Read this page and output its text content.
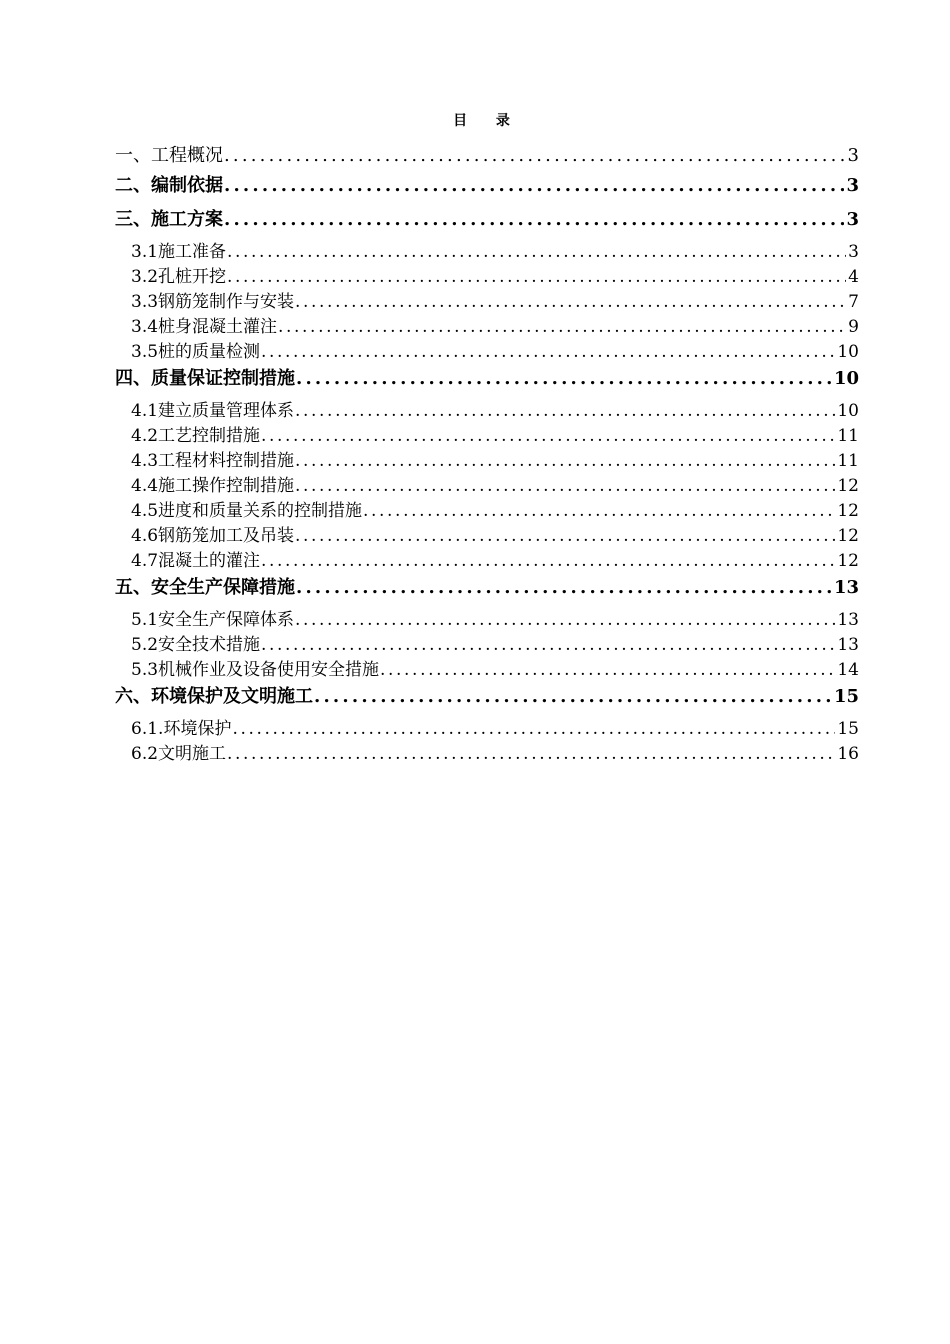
目 录
一、工程概况 .....	3
二、编制依据 .....	3
三、施工方案 .....	3
3.1施工准备 .....	3
3.2孔桩开挖 .....	4
3.3钢筋笼制作与安装 .....	7
3.4桩身混凝土灌注 .....	9
3.5桩的质量检测 .....	10
四、质量保证控制措施 .....	10
4.1建立质量管理体系 .....	10
4.2工艺控制措施 .....	11
4.3工程材料控制措施 .....	11
4.4施工操作控制措施 .....	12
4.5进度和质量关系的控制措施 .....	12
4.6钢筋笼加工及吊装 .....	12
4.7混凝土的灌注 .....	12
五、安全生产保障措施 .....	13
5.1安全生产保障体系 .....	13
5.2安全技术措施 .....	13
5.3机械作业及设备使用安全措施 .....	14
六、环境保护及文明施工 .....	15
6.1.环境保护 .....	15
6.2文明施工 .....	16
